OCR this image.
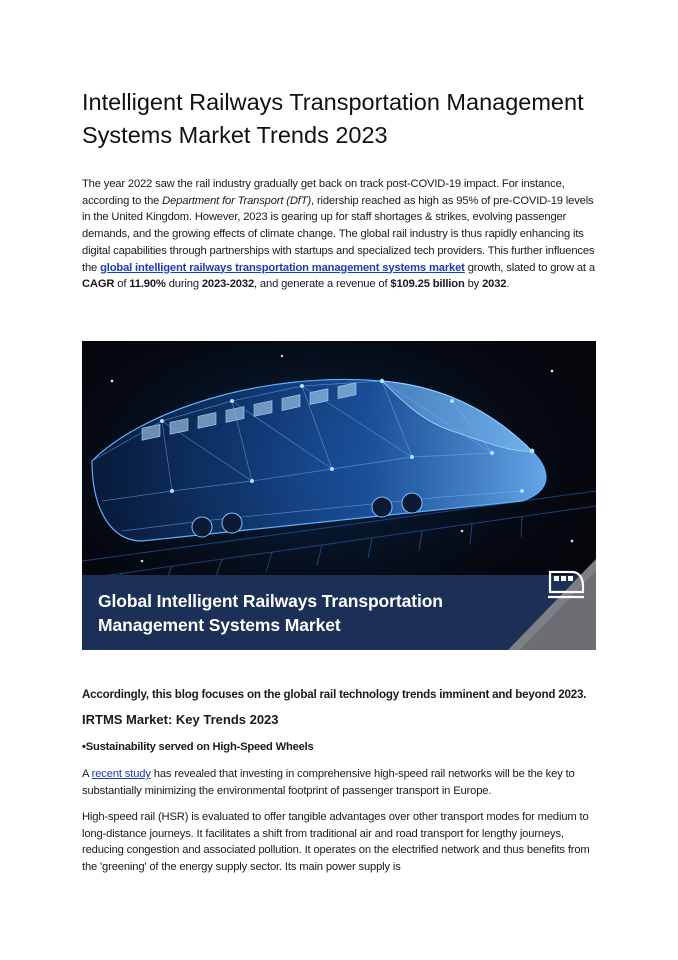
Intelligent Railways Transportation Management Systems Market Trends 2023

The year 2022 saw the rail industry gradually get back on track post-COVID-19 impact. For instance, according to the Department for Transport (DfT), ridership reached as high as 95% of pre-COVID-19 levels in the United Kingdom. However, 2023 is gearing up for staff shortages & strikes, evolving passenger demands, and the growing effects of climate change. The global rail industry is thus rapidly enhancing its digital capabilities through partnerships with startups and specialized tech providers. This further influences the global intelligent railways transportation management systems market growth, slated to grow at a CAGR of 11.90% during 2023-2032, and generate a revenue of $109.25 billion by 2032.

Global Intelligent Railways Transportation Management Systems Market

Accordingly, this blog focuses on the global rail technology trends imminent and beyond 2023.

IRTMS Market: Key Trends 2023
•Sustainability served on High-Speed Wheels

A recent study has revealed that investing in comprehensive high-speed rail networks will be the key to substantially minimizing the environmental footprint of passenger transport in Europe.

High-speed rail (HSR) is evaluated to offer tangible advantages over other transport modes for medium to long-distance journeys. It facilitates a shift from traditional air and road transport for lengthy journeys, reducing congestion and associated pollution. It operates on the electrified network and thus benefits from the 'greening' of the energy supply sector. Its main power supply is
